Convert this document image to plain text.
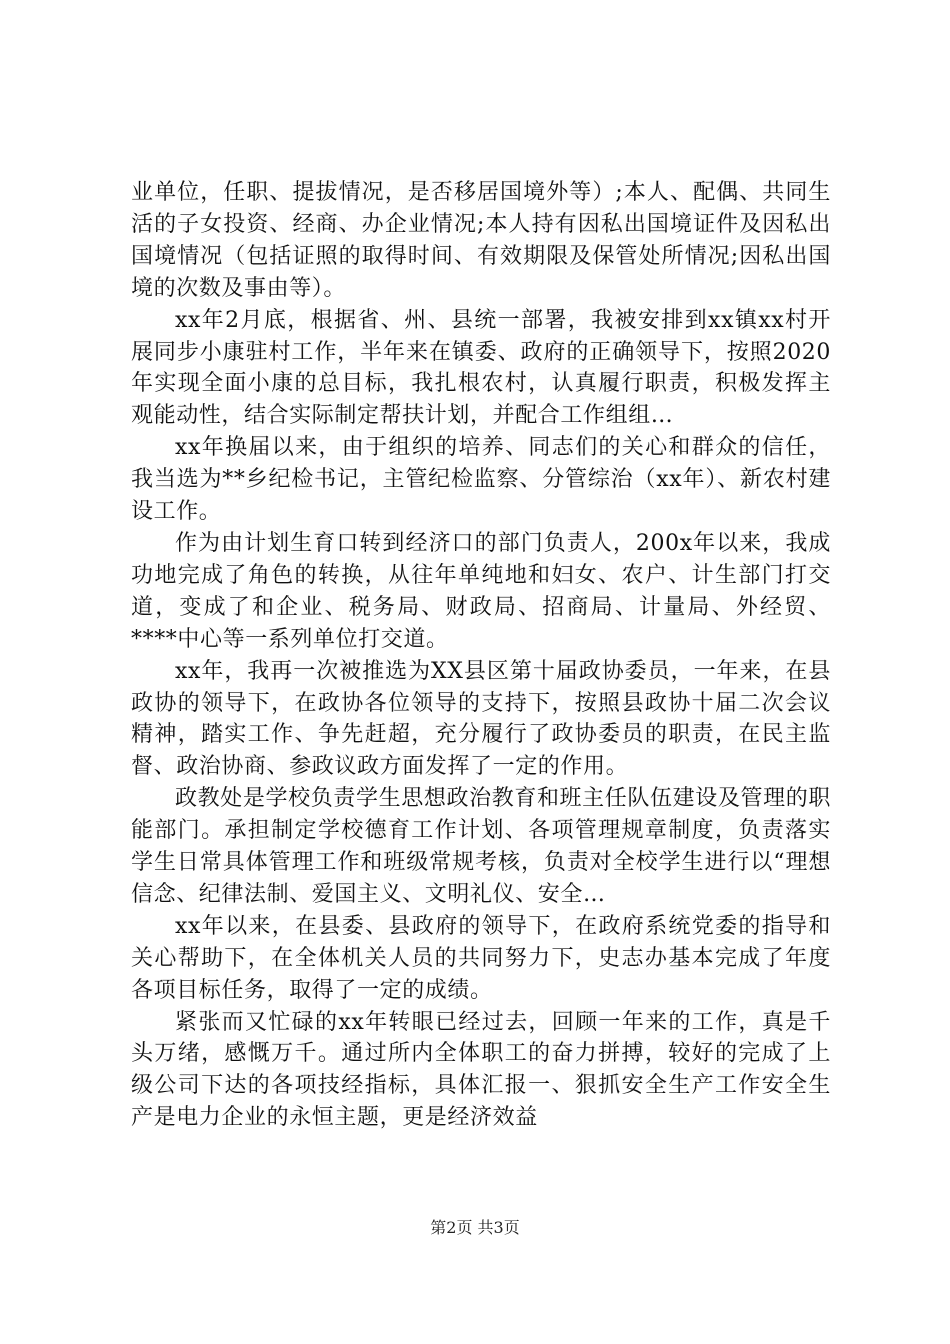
业单位，任职、提拔情况，是否移居国境外等）;本人、配偶、共同生活的子女投资、经商、办企业情况;本人持有因私出国境证件及因私出国境情况（包括证照的取得时间、有效期限及保管处所情况;因私出国境的次数及事由等）。

xx年2月底，根据省、州、县统一部署，我被安排到xx镇xx村开展同步小康驻村工作，半年来在镇委、政府的正确领导下，按照2020年实现全面小康的总目标，我扎根农村，认真履行职责，积极发挥主观能动性，结合实际制定帮扶计划，并配合工作组组…

xx年换届以来，由于组织的培养、同志们的关心和群众的信任，我当选为**乡纪检书记，主管纪检监察、分管综治（xx年）、新农村建设工作。

作为由计划生育口转到经济口的部门负责人，200x年以来，我成功地完成了角色的转换，从往年单纯地和妇女、农户、计生部门打交道，变成了和企业、税务局、财政局、招商局、计量局、外经贸、****中心等一系列单位打交道。

xx年，我再一次被推选为XX县区第十届政协委员，一年来，在县政协的领导下，在政协各位领导的支持下，按照县政协十届二次会议精神，踏实工作、争先赶超，充分履行了政协委员的职责，在民主监督、政治协商、参政议政方面发挥了一定的作用。

政教处是学校负责学生思想政治教育和班主任队伍建设及管理的职能部门。承担制定学校德育工作计划、各项管理规章制度，负责落实学生日常具体管理工作和班级常规考核，负责对全校学生进行以“理想信念、纪律法制、爱国主义、文明礼仪、安全…

xx年以来，在县委、县政府的领导下，在政府系统党委的指导和关心帮助下，在全体机关人员的共同努力下，史志办基本完成了年度各项目标任务，取得了一定的成绩。

紧张而又忙碌的xx年转眼已经过去，回顾一年来的工作，真是千头万绪，感慨万千。通过所内全体职工的奋力拼搏，较好的完成了上级公司下达的各项技经指标，具体汇报一、狠抓安全生产工作安全生产是电力企业的永恒主题，更是经济效益

第2页 共3页
